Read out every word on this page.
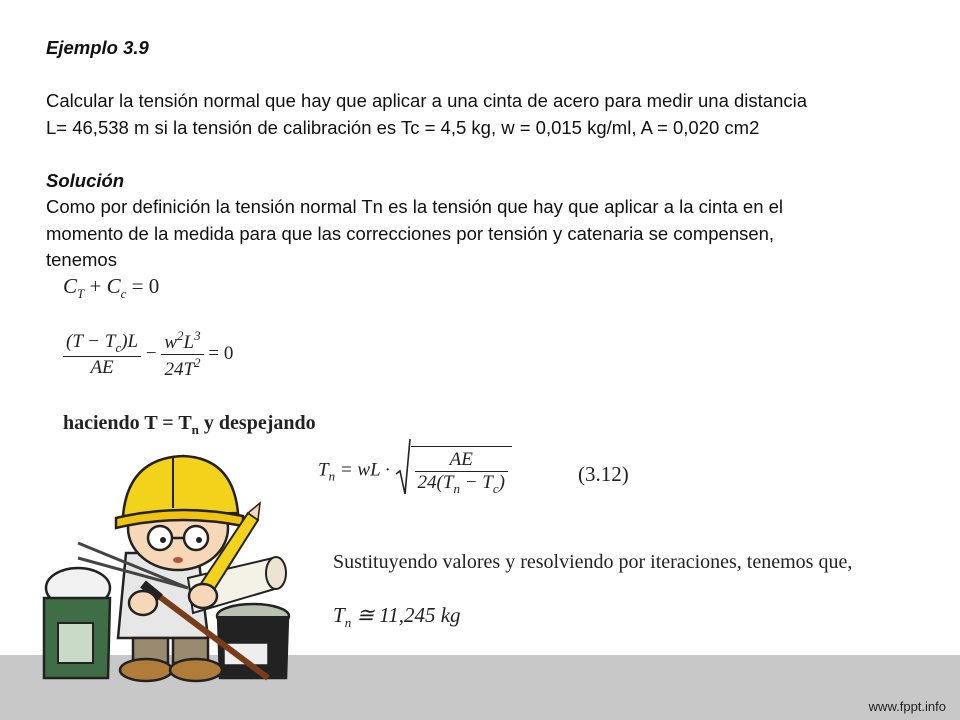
Ejemplo 3.9
Calcular la tensión normal que hay que aplicar a una cinta de acero para medir una distancia
L= 46,538 m si la tensión de calibración es Tc = 4,5 kg, w = 0,015 kg/ml, A = 0,020 cm2
Solución
Como por definición la tensión normal Tn es la tensión que hay que aplicar a la cinta en el
momento de la medida para que las correcciones por tensión y catenaria se compensen,
tenemos
$C_T + C_c = 0$
$\frac{(T - T_c)L}{AE} - \frac{w^2L^3}{24T^2} = 0$
haciendo $T = T_n$ y despejando
$T_n$ = wL · $\frac{AE}{24(T_n - T_c)}$	(3.12)
Sustituyendo valores y resolviendo por iteraciones, tenemos que,
$T_n$ ≅ 11,245 kg
www.fppt.info
